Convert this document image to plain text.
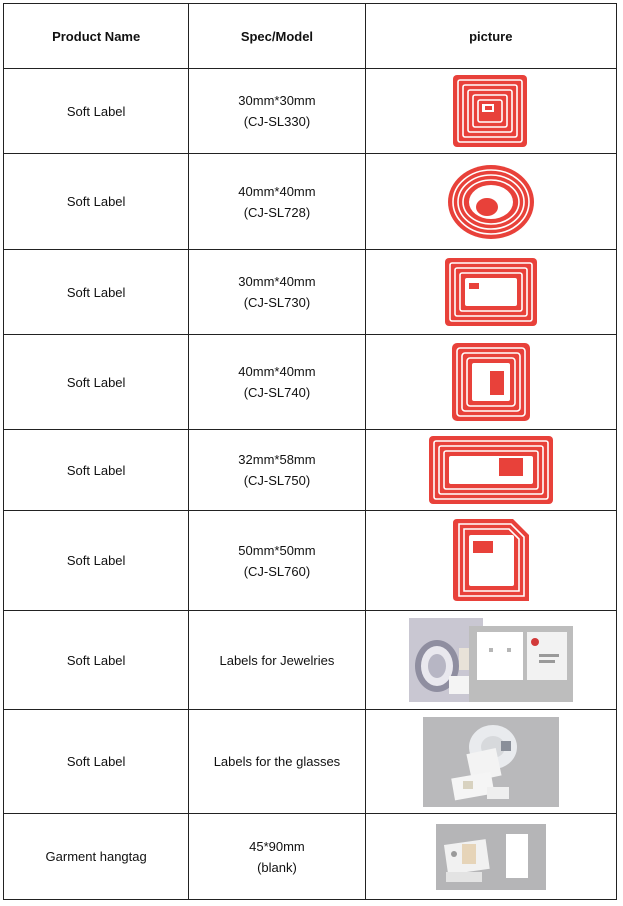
Product Name	Spec/Model	picture
Soft Label	30mm*30mm
(CJ-SL330)

Soft Label	40mm*40mm
(CJ-SL728)

Soft Label	30mm*40mm
(CJ-SL730)

Soft Label	40mm*40mm
(CJ-SL740)

Soft Label	32mm*58mm
(CJ-SL750)

Soft Label	50mm*50mm
(CJ-SL760)

Soft Label	Labels for Jewelries

Soft Label	Labels for the glasses

Garment hangtag	45*90mm
(blank)
